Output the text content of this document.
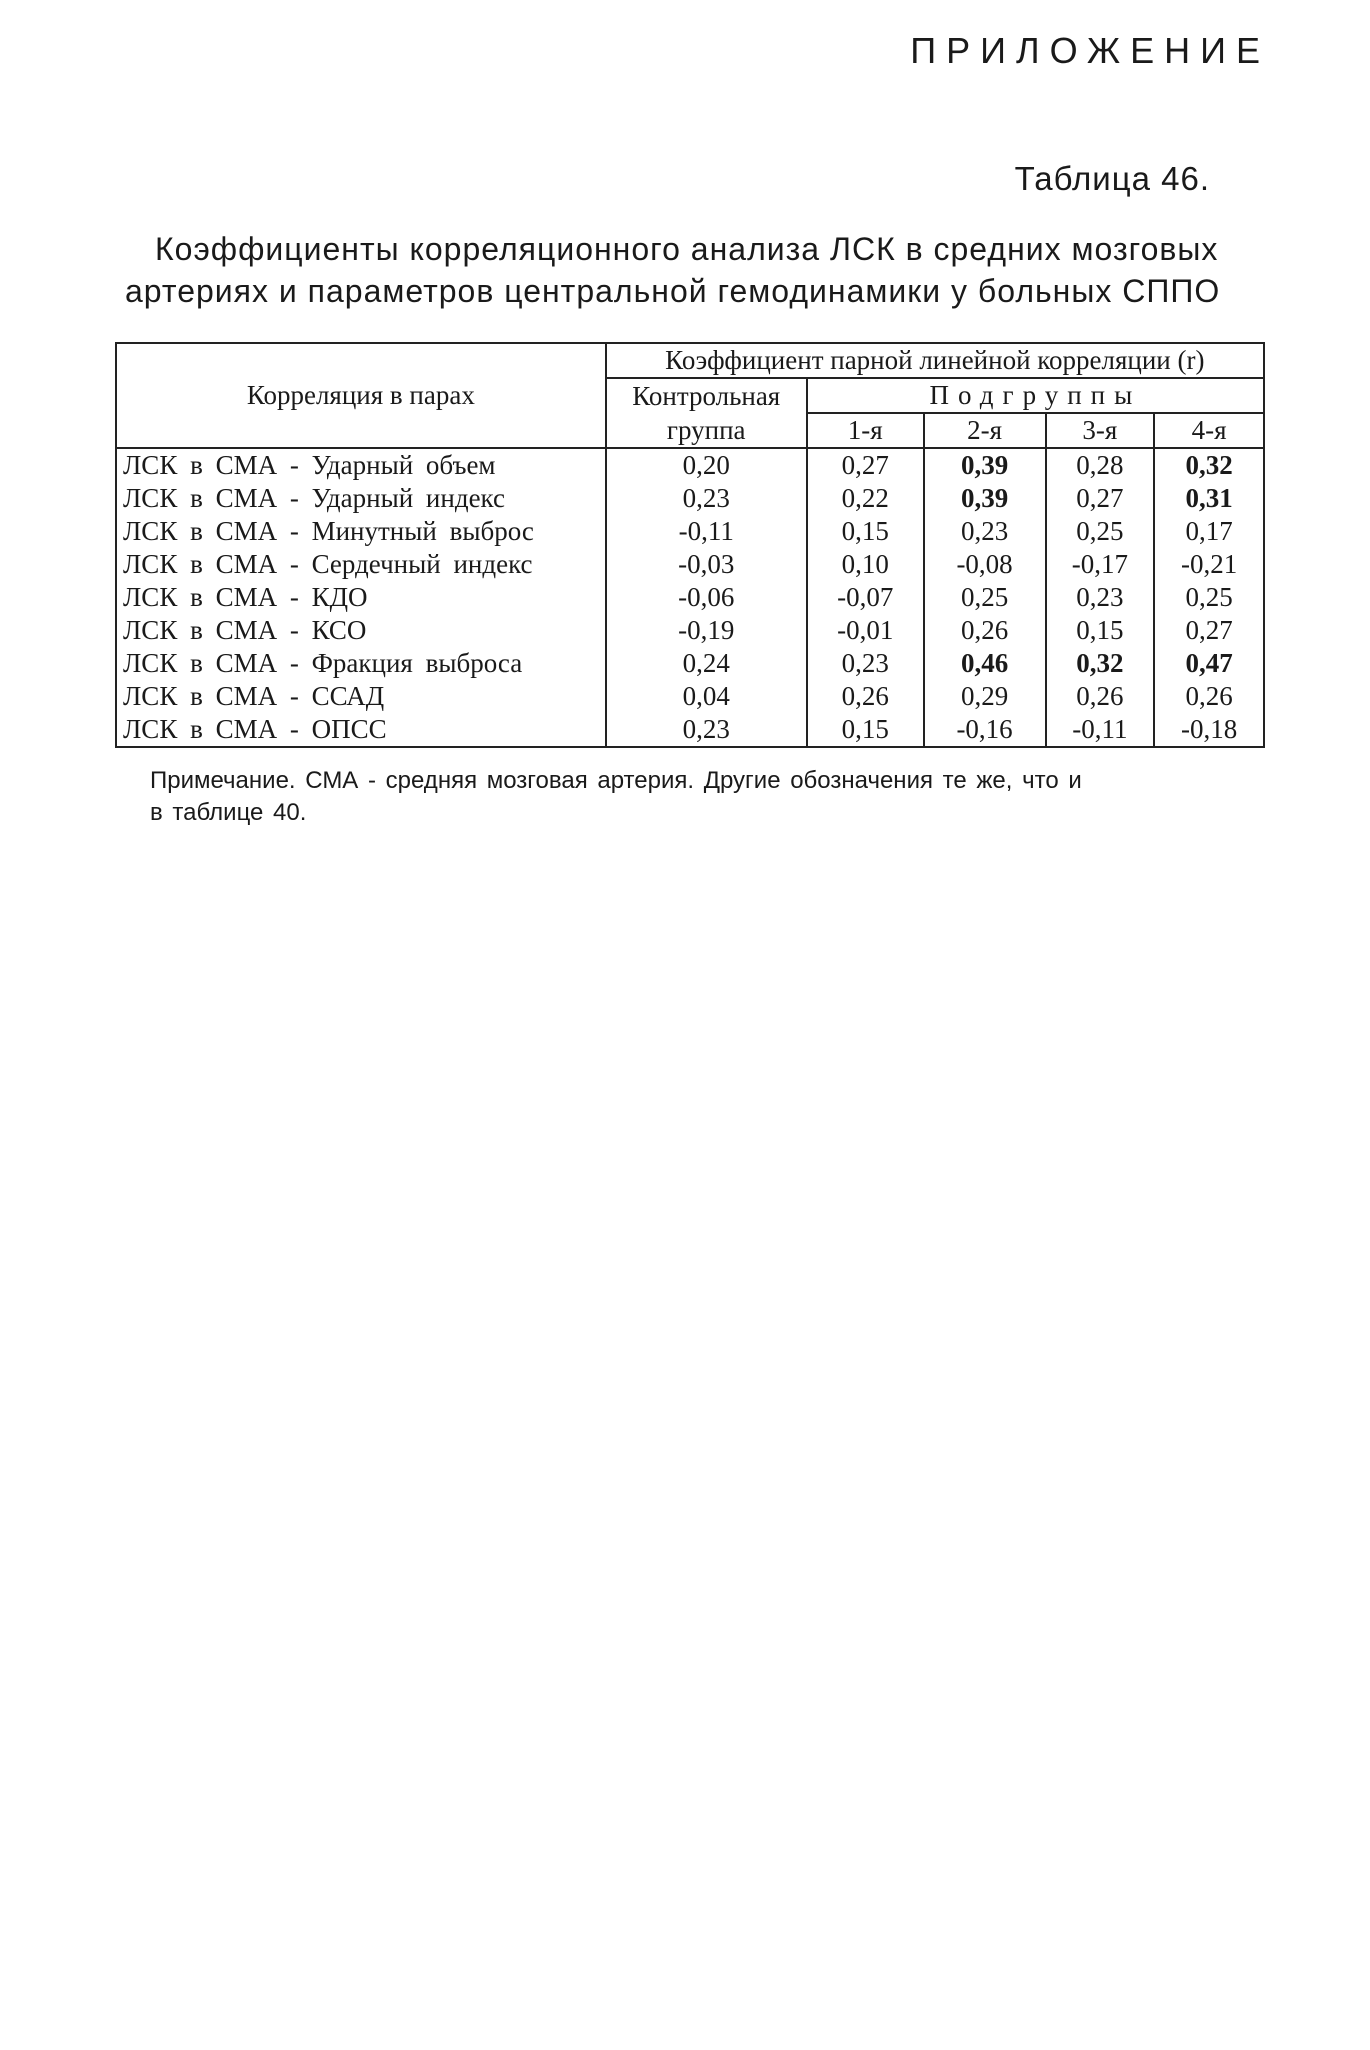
ПРИЛОЖЕНИЕ
Таблица 46.
Коэффициенты корреляционного анализа ЛСК в средних мозговых
артериях и параметров центральной гемодинамики у больных СППО
Корреляция в парах	Коэффициент парной линейной корреляции (r)				
	Контрольная	Подгруппы			
	группа	1-я	2-я	3-я	4-я
ЛСК в СМА - Ударный объем	0,20	0,27	0,39	0,28	0,32
ЛСК в СМА - Ударный индекс	0,23	0,22	0,39	0,27	0,31
ЛСК в СМА - Минутный выброс	-0,11	0,15	0,23	0,25	0,17
ЛСК в СМА - Сердечный индекс	-0,03	0,10	-0,08	-0,17	-0,21
ЛСК в СМА - КДО	-0,06	-0,07	0,25	0,23	0,25
ЛСК в СМА - КСО	-0,19	-0,01	0,26	0,15	0,27
ЛСК в СМА - Фракция выброса	0,24	0,23	0,46	0,32	0,47
ЛСК в СМА - ССАД	0,04	0,26	0,29	0,26	0,26
ЛСК в СМА - ОПСС	0,23	0,15	-0,16	-0,11	-0,18
Примечание. СМА - средняя мозговая артерия. Другие обозначения те же, что и
в таблице 40.
